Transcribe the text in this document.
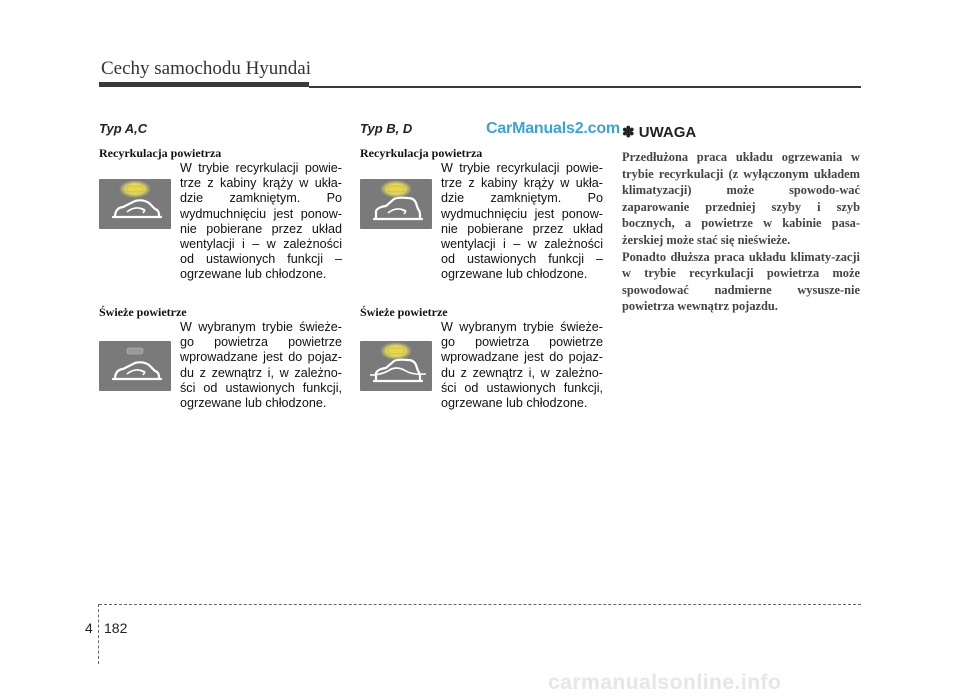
Cechy samochodu Hyundai
CarManuals2.com
Typ A,C
Recyrkulacja powietrza
W trybie recyrkulacji powie-trze z kabiny krąży w ukła-dzie zamkniętym. Po wydmuchnięciu jest ponow-nie pobierane przez układ wentylacji i – w zależności od ustawionych funkcji – ogrzewane lub chłodzone.
Świeże powietrze
W wybranym trybie świeże-go powietrza powietrze wprowadzane jest do pojaz-du z zewnątrz i, w zależno-ści od ustawionych funkcji, ogrzewane lub chłodzone.
Typ B, D
Recyrkulacja powietrza
W trybie recyrkulacji powie-trze z kabiny krąży w ukła-dzie zamkniętym. Po wydmuchnięciu jest ponow-nie pobierane przez układ wentylacji i – w zależności od ustawionych funkcji – ogrzewane lub chłodzone.
Świeże powietrze
W wybranym trybie świeże-go powietrza powietrze wprowadzane jest do pojaz-du z zewnątrz i, w zależno-ści od ustawionych funkcji, ogrzewane lub chłodzone.
✽ UWAGA

Przedłużona praca układu ogrzewania w trybie recyrkulacji (z wyłączonym układem klimatyzacji) może spowodo-wać zaparowanie przedniej szyby i szyb bocznych, a powietrze w kabinie pasa-żerskiej może stać się nieświeże.

Ponadto dłuższa praca układu klimaty-zacji w trybie recyrkulacji powietrza może spowodować nadmierne wysusze-nie powietrza wewnątrz pojazdu.

4 182
carmanualsonline.info
